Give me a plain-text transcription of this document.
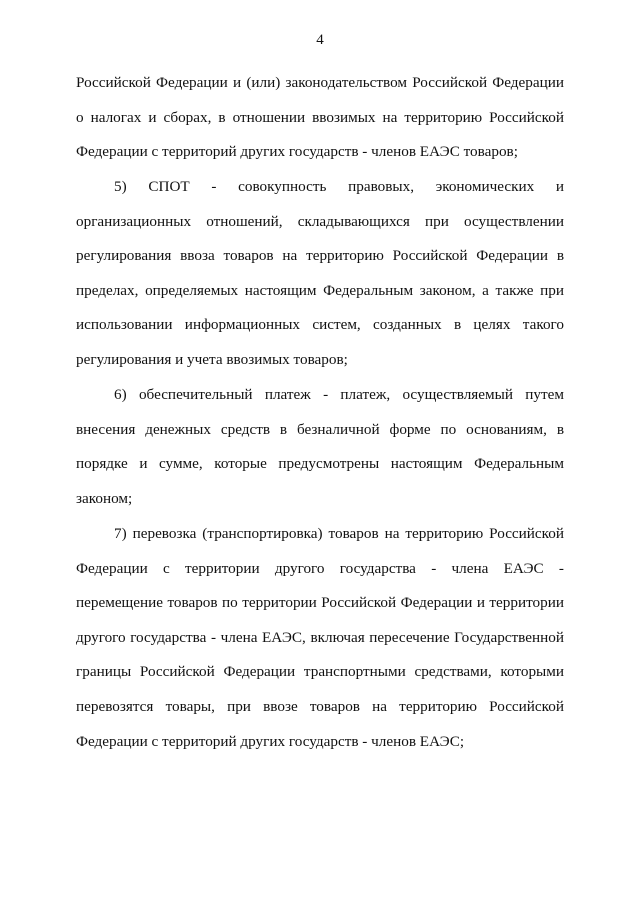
4
Российской Федерации и (или) законодательством Российской Федерации
о налогах и сборах, в отношении ввозимых на территорию Российской
Федерации с территорий других государств - членов ЕАЭС товаров;
5) СПОТ - совокупность правовых, экономических и
организационных отношений, складывающихся при осуществлении
регулирования ввоза товаров на территорию Российской Федерации в
пределах, определяемых настоящим Федеральным законом, а также при
использовании информационных систем, созданных в целях такого
регулирования и учета ввозимых товаров;
6) обеспечительный платеж - платеж, осуществляемый путем
внесения денежных средств в безналичной форме по основаниям, в
порядке и сумме, которые предусмотрены настоящим Федеральным
законом;
7) перевозка (транспортировка) товаров на территорию Российской
Федерации с территории другого государства - члена ЕАЭС -
перемещение товаров по территории Российской Федерации и территории
другого государства - члена ЕАЭС, включая пересечение Государственной
границы Российской Федерации транспортными средствами, которыми
перевозятся товары, при ввозе товаров на территорию Российской
Федерации с территорий других государств - членов ЕАЭС;
